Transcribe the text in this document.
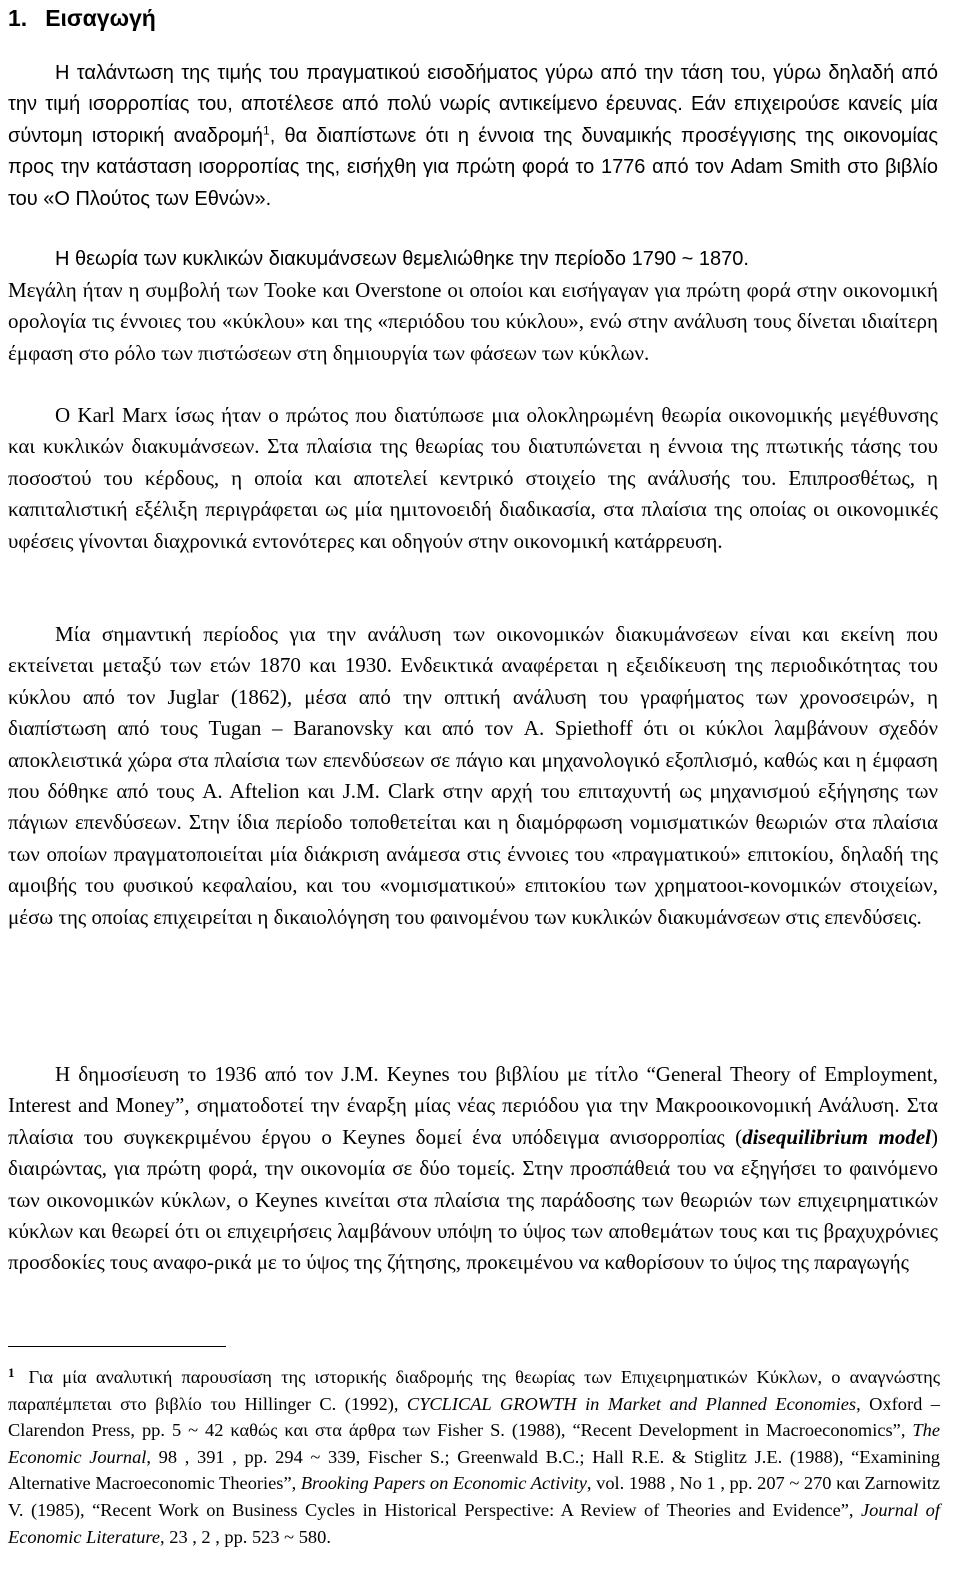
1. Εισαγωγή
Η ταλάντωση της τιμής του πραγματικού εισοδήματος γύρω από την τάση του, γύρω δηλαδή από την τιμή ισορροπίας του, αποτέλεσε από πολύ νωρίς αντικείμενο έρευνας. Εάν επιχειρούσε κανείς μία σύντομη ιστορική αναδρομή$^1$, θα διαπίστωνε ότι η έννοια της δυναμικής προσέγγισης της οικονομίας προς την κατάσταση ισορροπίας της, εισήχθη για πρώτη φορά το 1776 από τον Adam Smith στο βιβλίο του «Ο Πλούτος των Εθνών».
Η θεωρία των κυκλικών διακυμάνσεων θεμελιώθηκε την περίοδο 1790 ~ 1870.
Μεγάλη ήταν η συμβολή των Tooke και Overstone οι οποίοι και εισήγαγαν για πρώτη φορά στην οικονομική ορολογία τις έννοιες του «κύκλου» και της «περιόδου του κύκλου», ενώ στην ανάλυση τους δίνεται ιδιαίτερη έμφαση στο ρόλο των πιστώσεων στη δημιουργία των φάσεων των κύκλων.
Ο Karl Marx ίσως ήταν ο πρώτος που διατύπωσε μια ολοκληρωμένη θεωρία οικονομικής μεγέθυνσης και κυκλικών διακυμάνσεων. Στα πλαίσια της θεωρίας του διατυπώνεται η έννοια της πτωτικής τάσης του ποσοστού του κέρδους, η οποία και αποτελεί κεντρικό στοιχείο της ανάλυσής του. Επιπροσθέτως, η καπιταλιστική εξέλιξη περιγράφεται ως μία ημιτονοειδή διαδικασία, στα πλαίσια της οποίας οι οικονομικές υφέσεις γίνονται διαχρονικά εντονότερες και οδηγούν στην οικονομική κατάρρευση.
Μία σημαντική περίοδος για την ανάλυση των οικονομικών διακυμάνσεων είναι και εκείνη που εκτείνεται μεταξύ των ετών 1870 και 1930. Ενδεικτικά αναφέρεται η εξειδίκευση της περιοδικότητας του κύκλου από τον Juglar (1862), μέσα από την οπτική ανάλυση του γραφήματος των χρονοσειρών, η διαπίστωση από τους Tugan – Baranovsky και από τον A. Spiethoff ότι οι κύκλοι λαμβάνουν σχεδόν αποκλειστικά χώρα στα πλαίσια των επενδύσεων σε πάγιο και μηχανολογικό εξοπλισμό, καθώς και η έμφαση που δόθηκε από τους A. Aftelion και J.M. Clark στην αρχή του επιταχυντή ως μηχανισμού εξήγησης των πάγιων επενδύσεων. Στην ίδια περίοδο τοποθετείται και η διαμόρφωση νομισματικών θεωριών στα πλαίσια των οποίων πραγματοποιείται μία διάκριση ανάμεσα στις έννοιες του «πραγματικού» επιτοκίου, δηλαδή της αμοιβής του φυσικού κεφαλαίου, και του «νομισματικού» επιτοκίου των χρηματοοι-κονομικών στοιχείων, μέσω της οποίας επιχειρείται η δικαιολόγηση του φαινομένου των κυκλικών διακυμάνσεων στις επενδύσεις.
Η δημοσίευση το 1936 από τον J.M. Keynes του βιβλίου με τίτλο “General Theory of Employment, Interest and Money”, σηματοδοτεί την έναρξη μίας νέας περιόδου για την Μακροοικονομική Ανάλυση. Στα πλαίσια του συγκεκριμένου έργου ο Keynes δομεί ένα υπόδειγμα ανισορροπίας (disequilibrium model) διαιρώντας, για πρώτη φορά, την οικονομία σε δύο τομείς. Στην προσπάθειά του να εξηγήσει το φαινόμενο των οικονομικών κύκλων, ο Keynes κινείται στα πλαίσια της παράδοσης των θεωριών των επιχειρηματικών κύκλων και θεωρεί ότι οι επιχειρήσεις λαμβάνουν υπόψη το ύψος των αποθεμάτων τους και τις βραχυχρόνιες προσδοκίες τους αναφο-ρικά με το ύψος της ζήτησης, προκειμένου να καθορίσουν το ύψος της παραγωγής
$^1$ Για μία αναλυτική παρουσίαση της ιστορικής διαδρομής της θεωρίας των Επιχειρηματικών Κύκλων, ο αναγνώστης παραπέμπεται στο βιβλίο του Hillinger C. (1992), CYCLICAL GROWTH in Market and Planned Economies, Oxford – Clarendon Press, pp. 5 ~ 42 καθώς και στα άρθρα των Fisher S. (1988), “Recent Development in Macroeconomics”, The Economic Journal, 98 , 391 , pp. 294 ~ 339, Fischer S.; Greenwald B.C.; Hall R.E. & Stiglitz J.E. (1988), “Examining Alternative Macroeconomic Theories”, Brooking Papers on Economic Activity, vol. 1988 , No 1 , pp. 207 ~ 270 και Zarnowitz V. (1985), “Recent Work on Business Cycles in Historical Perspective: A Review of Theories and Evidence”, Journal of Economic Literature, 23 , 2 , pp. 523 ~ 580.
